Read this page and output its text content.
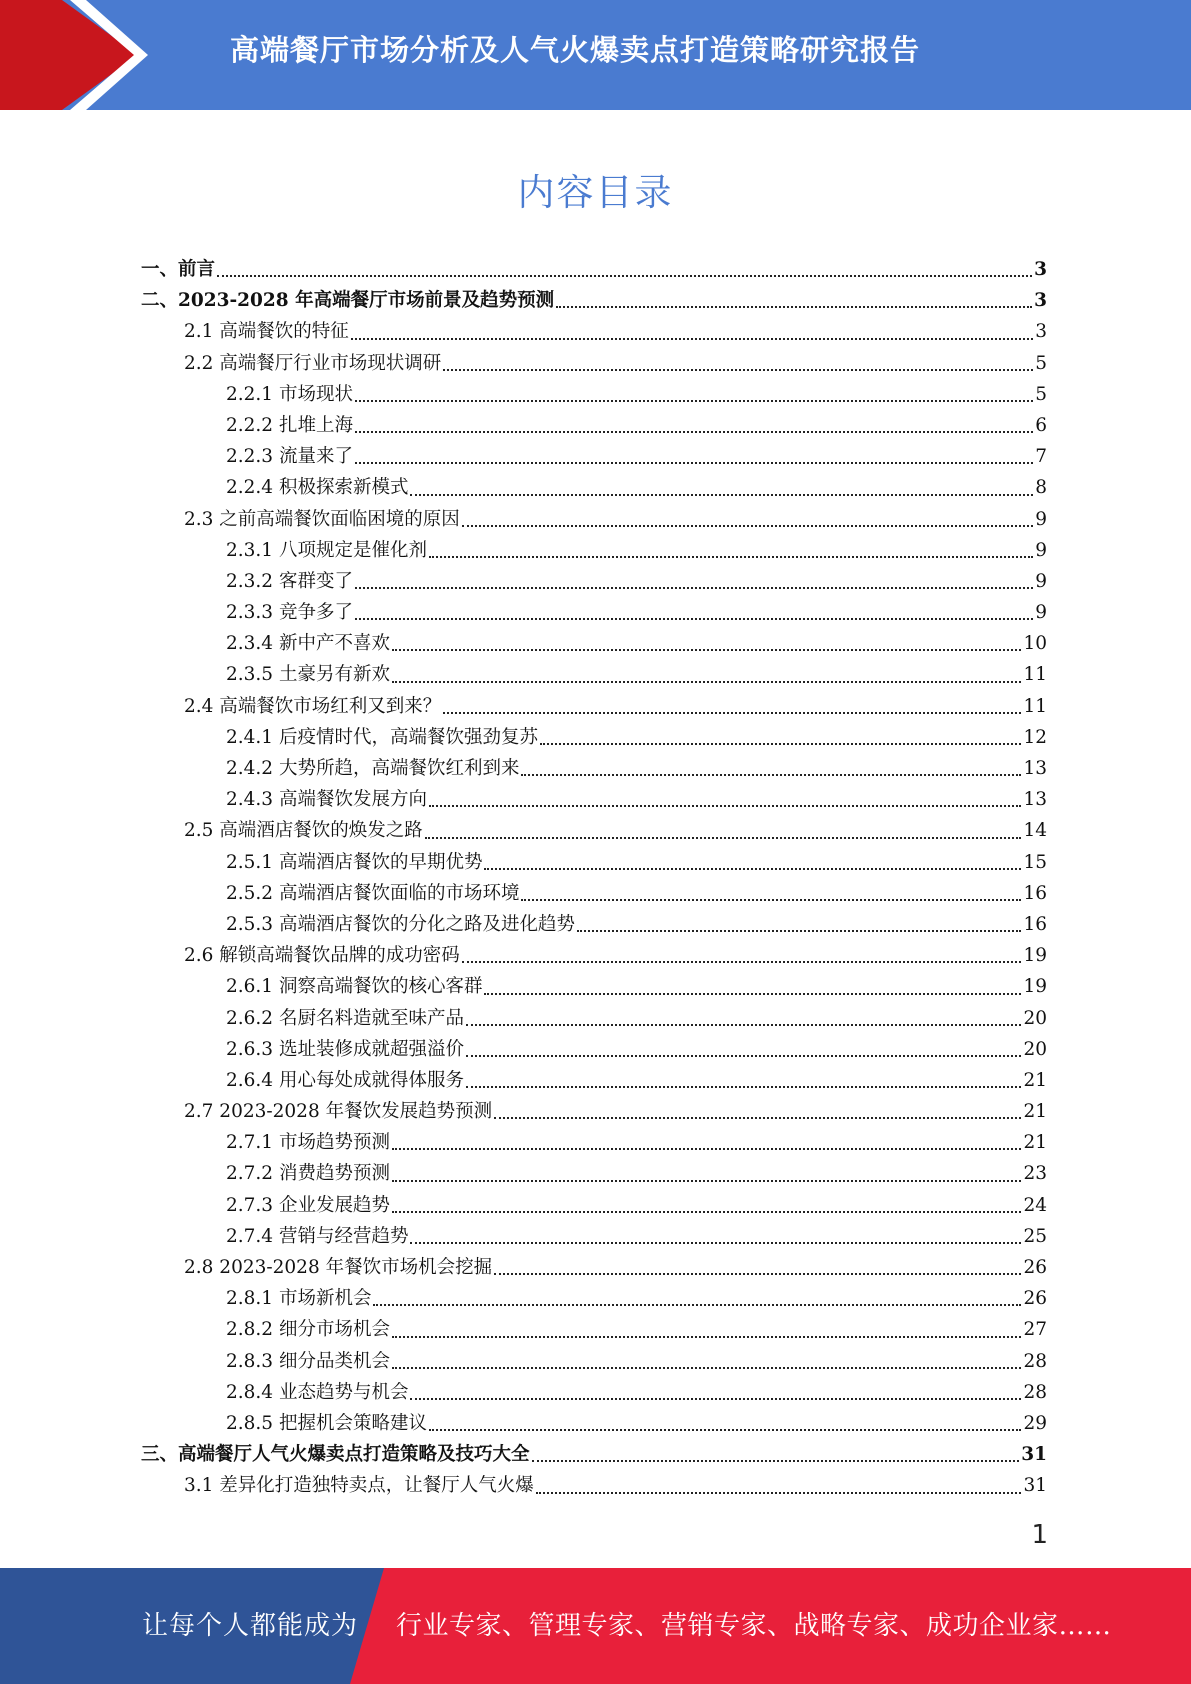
高端餐厅市场分析及人气火爆卖点打造策略研究报告
内容目录
一、前言	3
二、2023-2028 年高端餐厅市场前景及趋势预测	3
2.1 高端餐饮的特征	3
2.2 高端餐厅行业市场现状调研	5
2.2.1 市场现状	5
2.2.2 扎堆上海	6
2.2.3 流量来了	7
2.2.4 积极探索新模式	8
2.3 之前高端餐饮面临困境的原因	9
2.3.1 八项规定是催化剂	9
2.3.2 客群变了	9
2.3.3 竞争多了	9
2.3.4 新中产不喜欢	10
2.3.5 土豪另有新欢	11
2.4 高端餐饮市场红利又到来？	11
2.4.1 后疫情时代，高端餐饮强劲复苏	12
2.4.2 大势所趋，高端餐饮红利到来	13
2.4.3 高端餐饮发展方向	13
2.5 高端酒店餐饮的焕发之路	14
2.5.1 高端酒店餐饮的早期优势	15
2.5.2 高端酒店餐饮面临的市场环境	16
2.5.3 高端酒店餐饮的分化之路及进化趋势	16
2.6 解锁高端餐饮品牌的成功密码	19
2.6.1 洞察高端餐饮的核心客群	19
2.6.2 名厨名料造就至味产品	20
2.6.3 选址装修成就超强溢价	20
2.6.4 用心每处成就得体服务	21
2.7 2023-2028 年餐饮发展趋势预测	21
2.7.1 市场趋势预测	21
2.7.2 消费趋势预测	23
2.7.3 企业发展趋势	24
2.7.4 营销与经营趋势	25
2.8 2023-2028 年餐饮市场机会挖掘	26
2.8.1 市场新机会	26
2.8.2 细分市场机会	27
2.8.3 细分品类机会	28
2.8.4 业态趋势与机会	28
2.8.5 把握机会策略建议	29
三、高端餐厅人气火爆卖点打造策略及技巧大全	31
3.1 差异化打造独特卖点，让餐厅人气火爆	31
1
让每个人都能成为 行业专家、管理专家、营销专家、战略专家、成功企业家……
